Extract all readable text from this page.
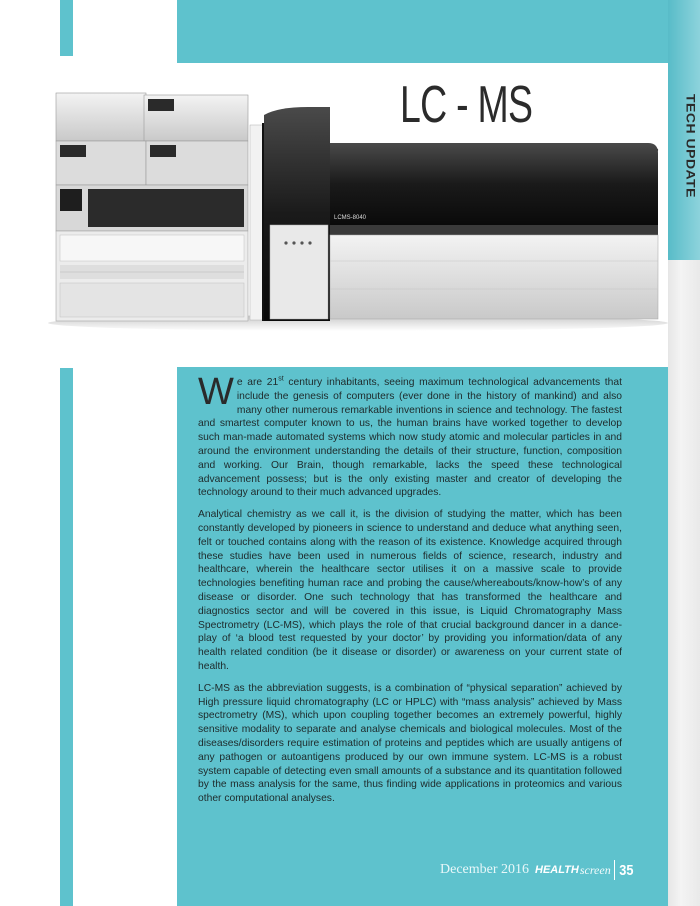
TECH UPDATE
LC - MS
LCMS-8040

We are 21st century inhabitants, seeing maximum technological advancements that include the genesis of computers (ever done in the history of mankind) and also many other numerous remarkable inventions in science and technology. The fastest and smartest computer known to us, the human brains have worked together to develop such man-made automated systems which now study atomic and molecular particles in and around the environment understanding the details of their structure, function, composition and working. Our Brain, though remarkable, lacks the speed these technological advancement possess; but is the only existing master and creator of developing the technology around to their much advanced upgrades.

Analytical chemistry as we call it, is the division of studying the matter, which has been constantly developed by pioneers in science to understand and deduce what anything seen, felt or touched contains along with the reason of its existence. Knowledge acquired through these studies have been used in numerous fields of science, research, industry and healthcare, wherein the healthcare sector utilises it on a massive scale to provide technologies benefiting human race and probing the cause/whereabouts/know-how’s of any disease or disorder. One such technology that has transformed the healthcare and diagnostics sector and will be covered in this issue, is Liquid Chromatography Mass Spectrometry (LC-MS), which plays the role of that crucial background dancer in a dance-play of ‘a blood test requested by your doctor’ by providing you information/data of any health related condition (be it disease or disorder) or awareness on your current state of health.

LC-MS as the abbreviation suggests, is a combination of “physical separation” achieved by High pressure liquid chromatography (LC or HPLC) with “mass analysis” achieved by Mass spectrometry (MS), which upon coupling together becomes an extremely powerful, highly sensitive modality to separate and analyse chemicals and biological molecules. Most of the diseases/disorders require estimation of proteins and peptides which are usually antigens of any pathogen or autoantigens produced by our own immune system. LC-MS is a robust system capable of detecting even small amounts of a substance and its quantitation followed by the mass analysis for the same, thus finding wide applications in proteomics and various other computational analyses.

December 2016 HEALTH screen 35
